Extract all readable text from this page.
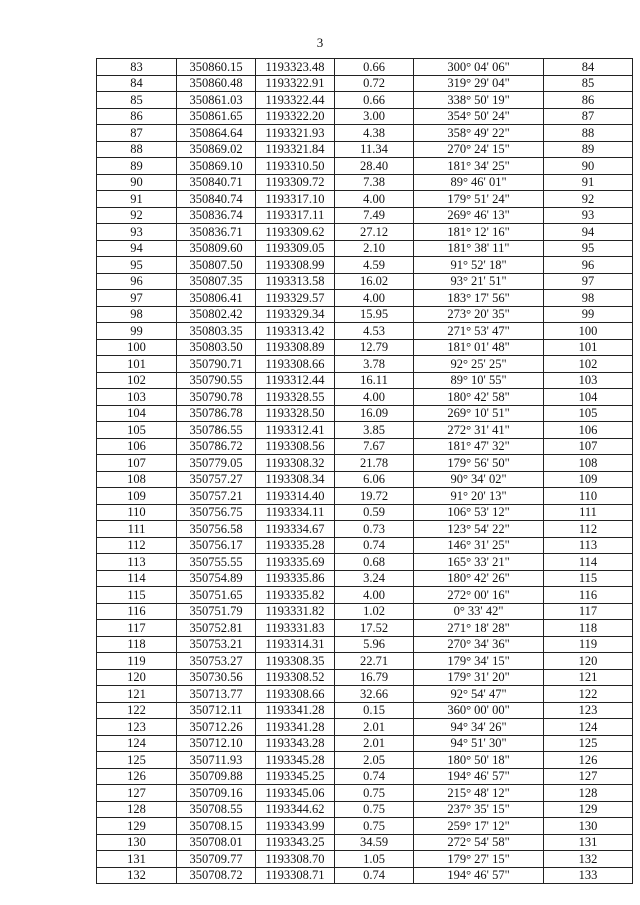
3
83	350860.15	1193323.48	0.66	300° 04' 06"	84
84	350860.48	1193322.91	0.72	319° 29' 04"	85
85	350861.03	1193322.44	0.66	338° 50' 19"	86
86	350861.65	1193322.20	3.00	354° 50' 24"	87
87	350864.64	1193321.93	4.38	358° 49' 22"	88
88	350869.02	1193321.84	11.34	270° 24' 15"	89
89	350869.10	1193310.50	28.40	181° 34' 25"	90
90	350840.71	1193309.72	7.38	89° 46' 01"	91
91	350840.74	1193317.10	4.00	179° 51' 24"	92
92	350836.74	1193317.11	7.49	269° 46' 13"	93
93	350836.71	1193309.62	27.12	181° 12' 16"	94
94	350809.60	1193309.05	2.10	181° 38' 11"	95
95	350807.50	1193308.99	4.59	91° 52' 18"	96
96	350807.35	1193313.58	16.02	93° 21' 51"	97
97	350806.41	1193329.57	4.00	183° 17' 56"	98
98	350802.42	1193329.34	15.95	273° 20' 35"	99
99	350803.35	1193313.42	4.53	271° 53' 47"	100
100	350803.50	1193308.89	12.79	181° 01' 48"	101
101	350790.71	1193308.66	3.78	92° 25' 25"	102
102	350790.55	1193312.44	16.11	89° 10' 55"	103
103	350790.78	1193328.55	4.00	180° 42' 58"	104
104	350786.78	1193328.50	16.09	269° 10' 51"	105
105	350786.55	1193312.41	3.85	272° 31' 41"	106
106	350786.72	1193308.56	7.67	181° 47' 32"	107
107	350779.05	1193308.32	21.78	179° 56' 50"	108
108	350757.27	1193308.34	6.06	90° 34' 02"	109
109	350757.21	1193314.40	19.72	91° 20' 13"	110
110	350756.75	1193334.11	0.59	106° 53' 12"	111
111	350756.58	1193334.67	0.73	123° 54' 22"	112
112	350756.17	1193335.28	0.74	146° 31' 25"	113
113	350755.55	1193335.69	0.68	165° 33' 21"	114
114	350754.89	1193335.86	3.24	180° 42' 26"	115
115	350751.65	1193335.82	4.00	272° 00' 16"	116
116	350751.79	1193331.82	1.02	0° 33' 42"	117
117	350752.81	1193331.83	17.52	271° 18' 28"	118
118	350753.21	1193314.31	5.96	270° 34' 36"	119
119	350753.27	1193308.35	22.71	179° 34' 15"	120
120	350730.56	1193308.52	16.79	179° 31' 20"	121
121	350713.77	1193308.66	32.66	92° 54' 47"	122
122	350712.11	1193341.28	0.15	360° 00' 00"	123
123	350712.26	1193341.28	2.01	94° 34' 26"	124
124	350712.10	1193343.28	2.01	94° 51' 30"	125
125	350711.93	1193345.28	2.05	180° 50' 18"	126
126	350709.88	1193345.25	0.74	194° 46' 57"	127
127	350709.16	1193345.06	0.75	215° 48' 12"	128
128	350708.55	1193344.62	0.75	237° 35' 15"	129
129	350708.15	1193343.99	0.75	259° 17' 12"	130
130	350708.01	1193343.25	34.59	272° 54' 58"	131
131	350709.77	1193308.70	1.05	179° 27' 15"	132
132	350708.72	1193308.71	0.74	194° 46' 57"	133
